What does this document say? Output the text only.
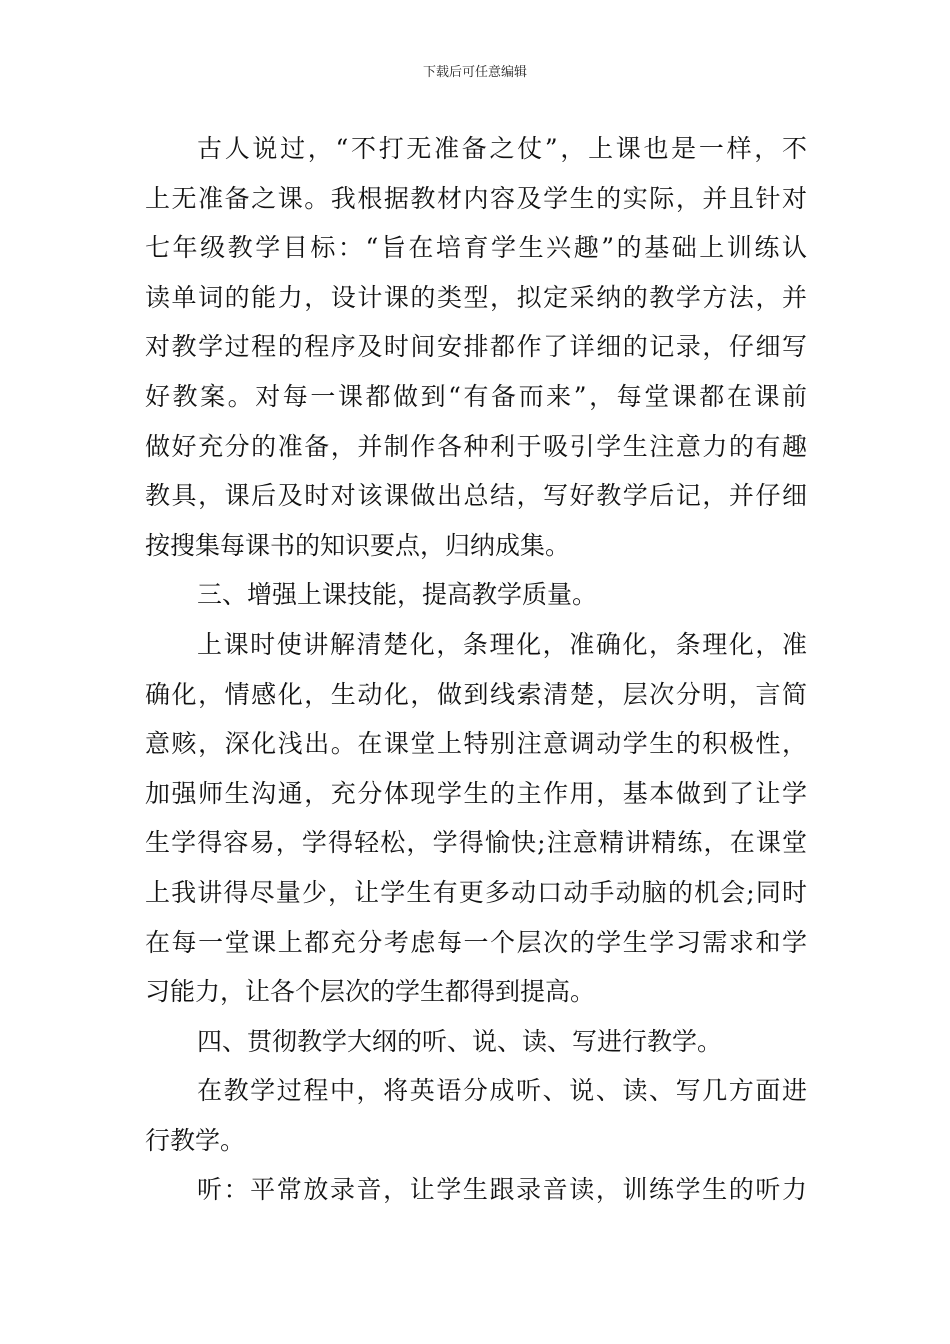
下载后可任意编辑
古人说过，“不打无准备之仗”，上课也是一样，不
上无准备之课。我根据教材内容及学生的实际，并且针对
七年级教学目标：“旨在培育学生兴趣”的基础上训练认
读单词的能力，设计课的类型，拟定采纳的教学方法，并
对教学过程的程序及时间安排都作了详细的记录，仔细写
好教案。对每一课都做到“有备而来”，每堂课都在课前
做好充分的准备，并制作各种利于吸引学生注意力的有趣
教具，课后及时对该课做出总结，写好教学后记，并仔细
按搜集每课书的知识要点，归纳成集。
三、增强上课技能，提高教学质量。
上课时使讲解清楚化，条理化，准确化，条理化，准
确化，情感化，生动化，做到线索清楚，层次分明，言简
意赅，深化浅出。在课堂上特别注意调动学生的积极性，
加强师生沟通，充分体现学生的主作用，基本做到了让学
生学得容易，学得轻松，学得愉快;注意精讲精练，在课堂
上我讲得尽量少，让学生有更多动口动手动脑的机会;同时
在每一堂课上都充分考虑每一个层次的学生学习需求和学
习能力，让各个层次的学生都得到提高。
四、贯彻教学大纲的听、说、读、写进行教学。
在教学过程中，将英语分成听、说、读、写几方面进
行教学。
听：平常放录音，让学生跟录音读，训练学生的听力
